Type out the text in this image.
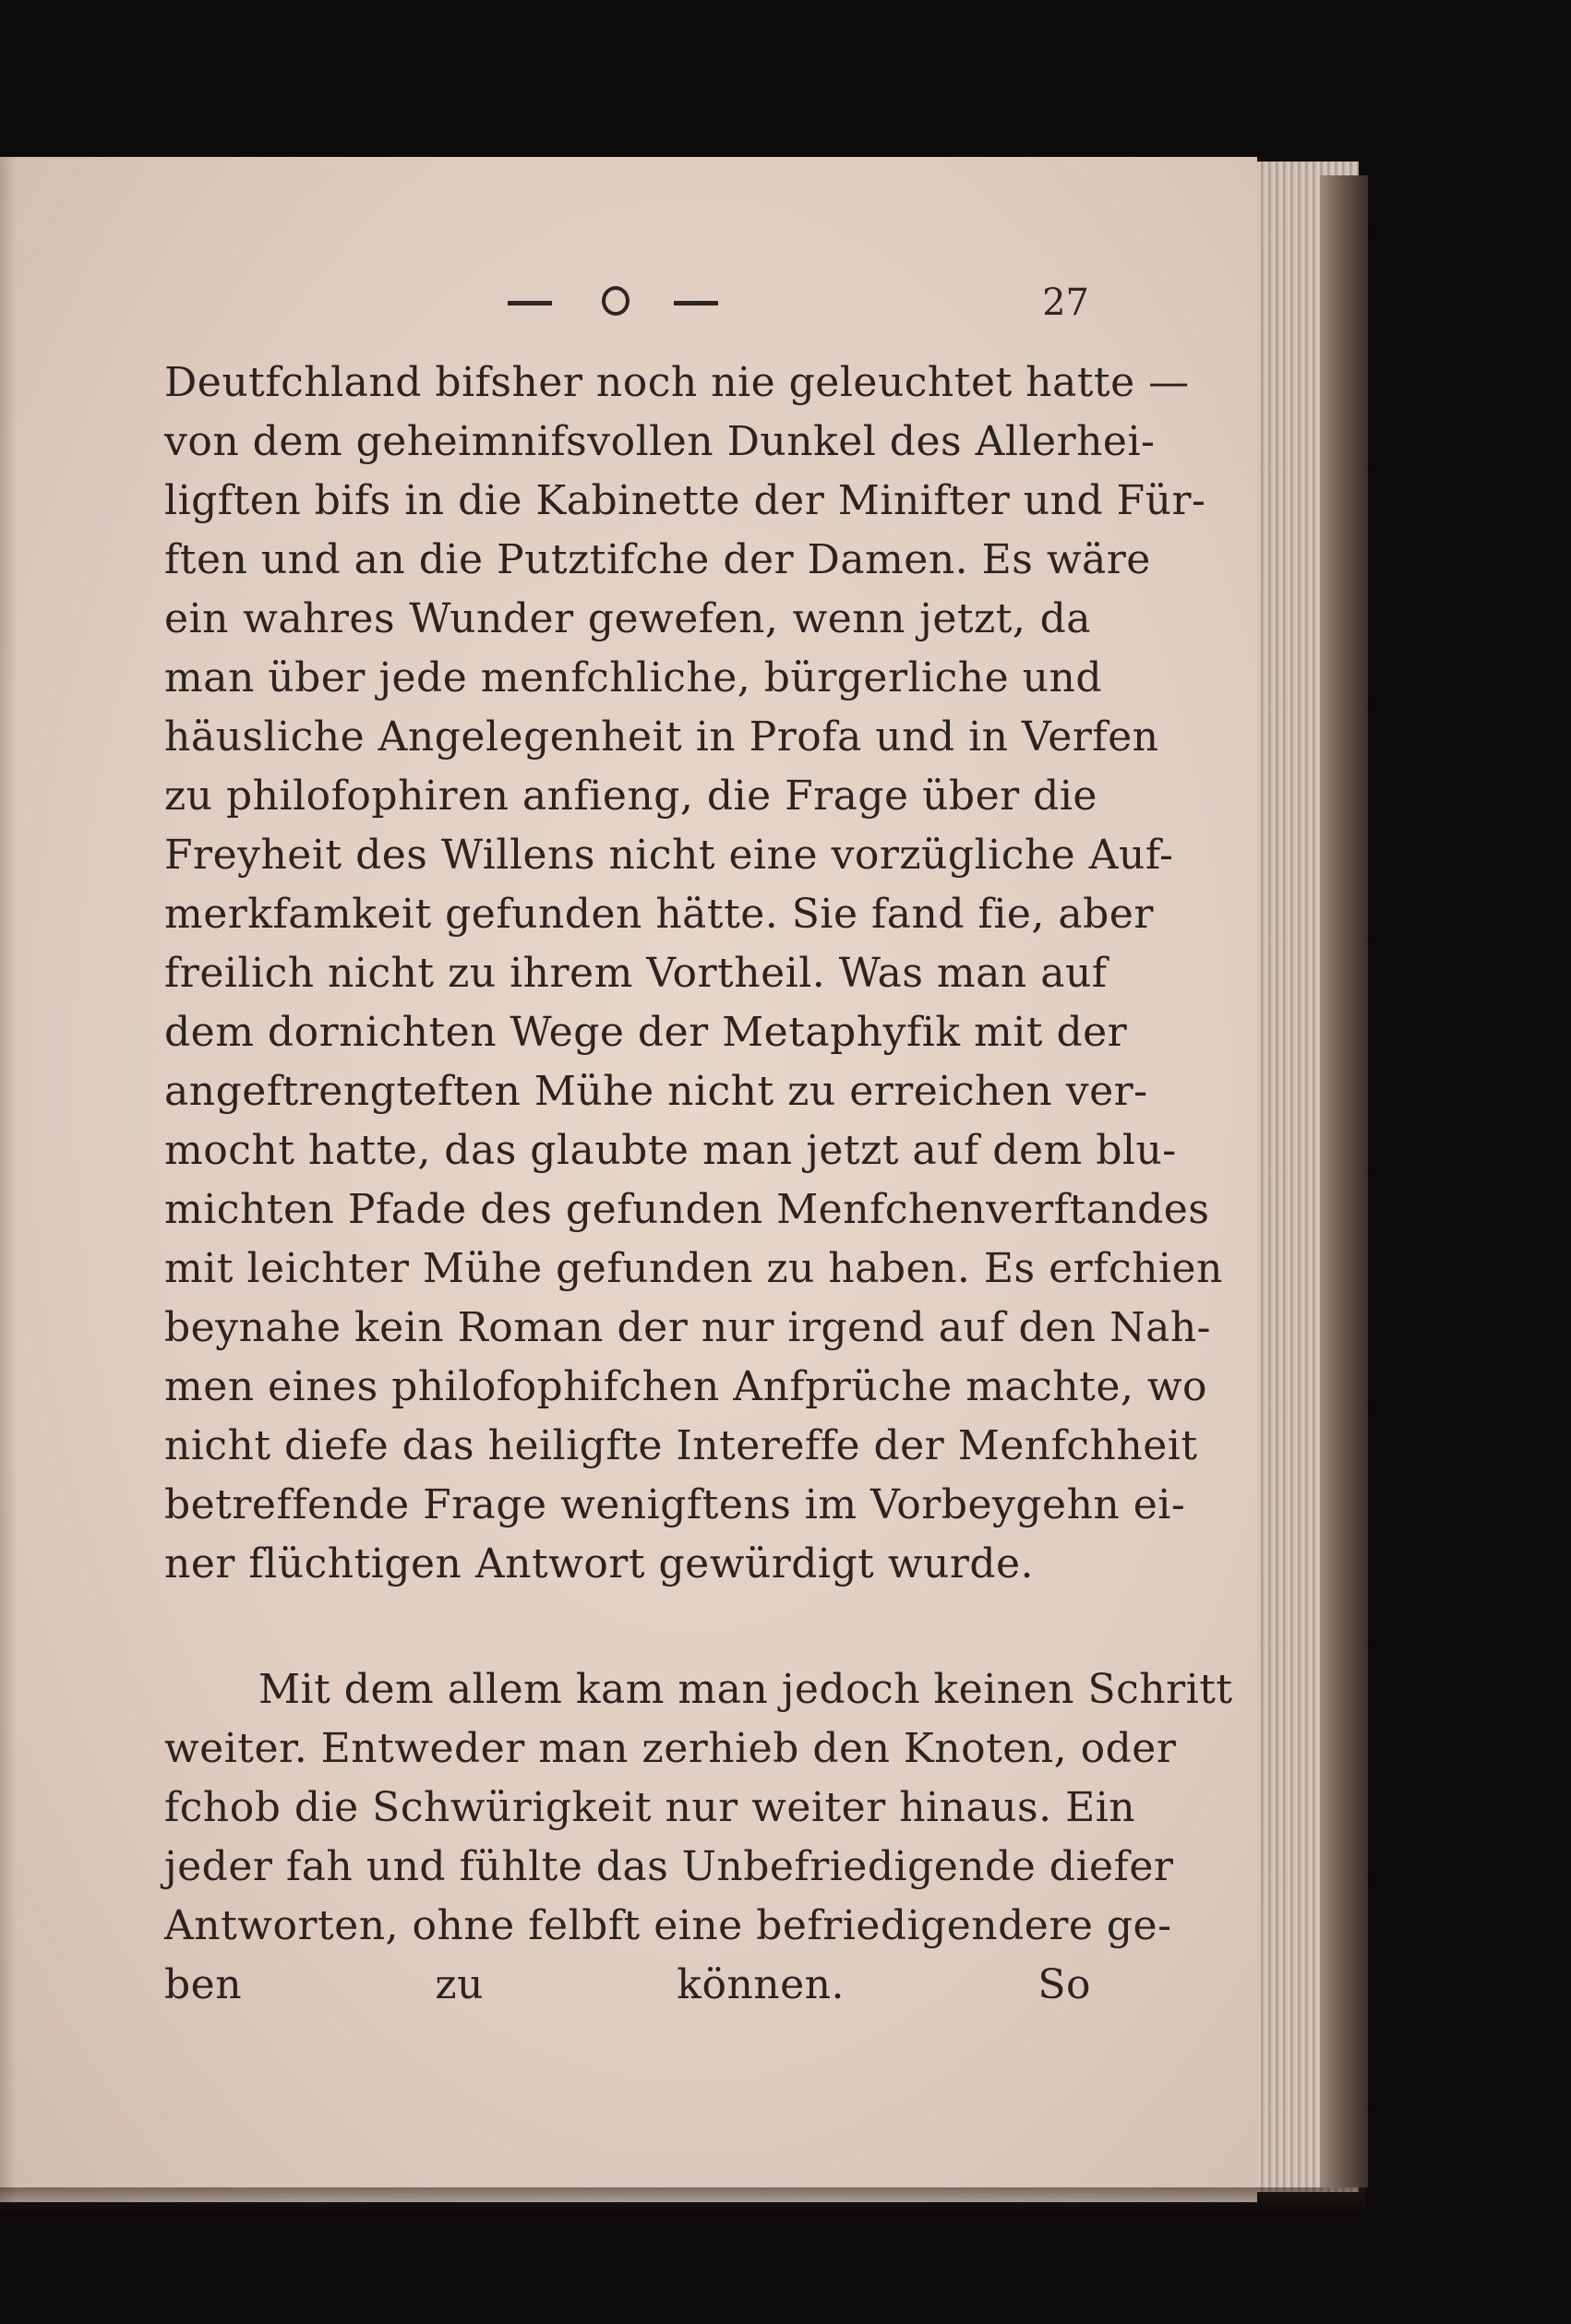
27
Deutfchland bifsher noch nie geleuchtet hatte —
von dem geheimnifsvollen Dunkel des Allerhei-
ligften bifs in die Kabinette der Minifter und Für-
ften und an die Putztifche der Damen. Es wäre
ein wahres Wunder gewefen, wenn jetzt, da
man über jede menfchliche, bürgerliche und
häusliche Angelegenheit in Profa und in Verfen
zu philofophiren anfieng, die Frage über die
Freyheit des Willens nicht eine vorzügliche Auf-
merkfamkeit gefunden hätte. Sie fand fie, aber
freilich nicht zu ihrem Vortheil. Was man auf
dem dornichten Wege der Metaphyfik mit der
angeftrengteften Mühe nicht zu erreichen ver-
mocht hatte, das glaubte man jetzt auf dem blu-
michten Pfade des gefunden Menfchenverftandes
mit leichter Mühe gefunden zu haben. Es erfchien
beynahe kein Roman der nur irgend auf den Nah-
men eines philofophifchen Anfprüche machte, wo
nicht diefe das heiligfte Intereffe der Menfchheit
betreffende Frage wenigftens im Vorbeygehn ei-
ner flüchtigen Antwort gewürdigt wurde.
Mit dem allem kam man jedoch keinen Schritt
weiter. Entweder man zerhieb den Knoten, oder
fchob die Schwürigkeit nur weiter hinaus. Ein
jeder fah und fühlte das Unbefriedigende diefer
Antworten, ohne felbft eine befriedigendere ge-
ben zu können. So
